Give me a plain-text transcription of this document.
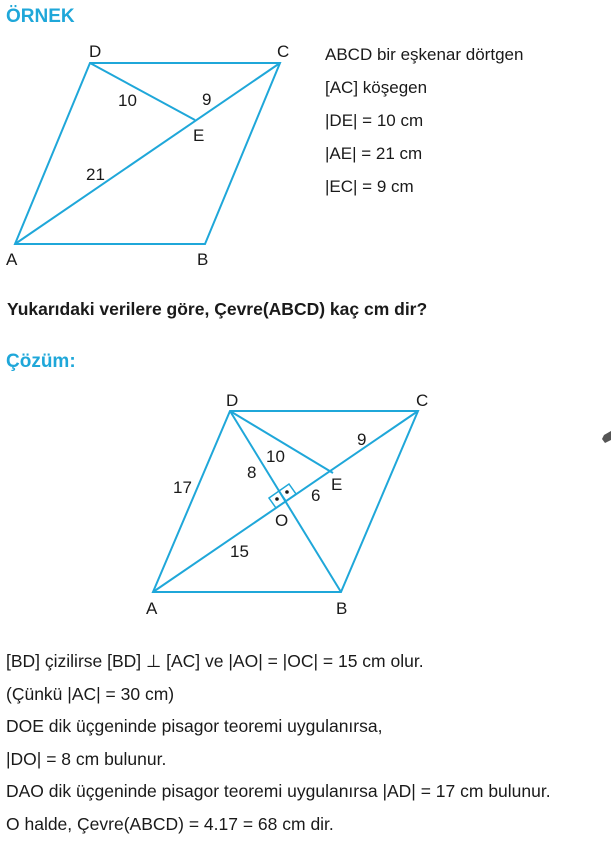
ÖRNEK
A	B
C
D
E
10	9
21
ABCD bir eşkenar dörtgen
[AC] köşegen
|DE| = 10 cm
|AE| = 21 cm
|EC| = 9 cm

Yukarıdaki verilere göre, Çevre(ABCD) kaç cm dir?

Çözüm:
A	B
C
D
E
O
17
10
8
9
6
15

[BD] çizilirse [BD] ⊥ [AC] ve |AO| = |OC| = 15 cm olur.

(Çünkü |AC| = 30 cm)

DOE dik üçgeninde pisagor teoremi uygulanırsa,

|DO| = 8 cm bulunur.

DAO dik üçgeninde pisagor teoremi uygulanırsa |AD| = 17 cm bulunur.

O halde, Çevre(ABCD) = 4.17 = 68 cm dir.
